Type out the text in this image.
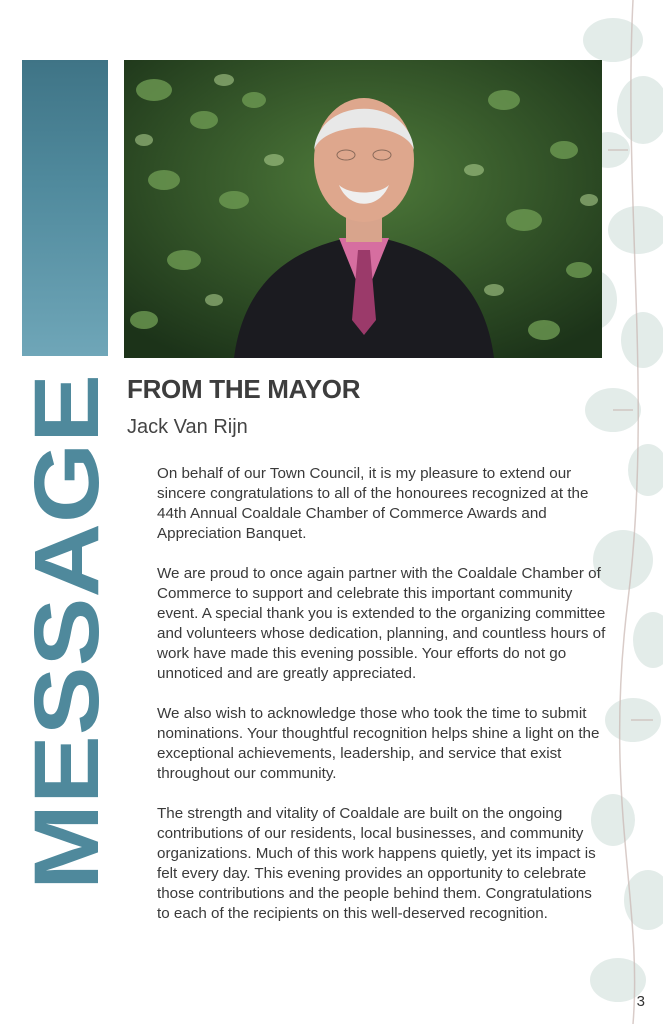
MESSAGE
FROM THE MAYOR
Jack Van Rijn

On behalf of our Town Council, it is my pleasure to extend our sincere congratulations to all of the honourees recognized at the 44th Annual Coaldale Chamber of Commerce Awards and Appreciation Banquet.

We are proud to once again partner with the Coaldale Chamber of Commerce to support and celebrate this important community event. A special thank you is extended to the organizing committee and volunteers whose dedication, planning, and countless hours of work have made this evening possible. Your efforts do not go unnoticed and are greatly appreciated.

We also wish to acknowledge those who took the time to submit nominations. Your thoughtful recognition helps shine a light on the exceptional achievements, leadership, and service that exist throughout our community.

The strength and vitality of Coaldale are built on the ongoing contributions of our residents, local businesses, and community organizations. Much of this work happens quietly, yet its impact is felt every day. This evening provides an opportunity to celebrate those contributions and the people behind them. Congratulations to each of the recipients on this well-deserved recognition.

3
